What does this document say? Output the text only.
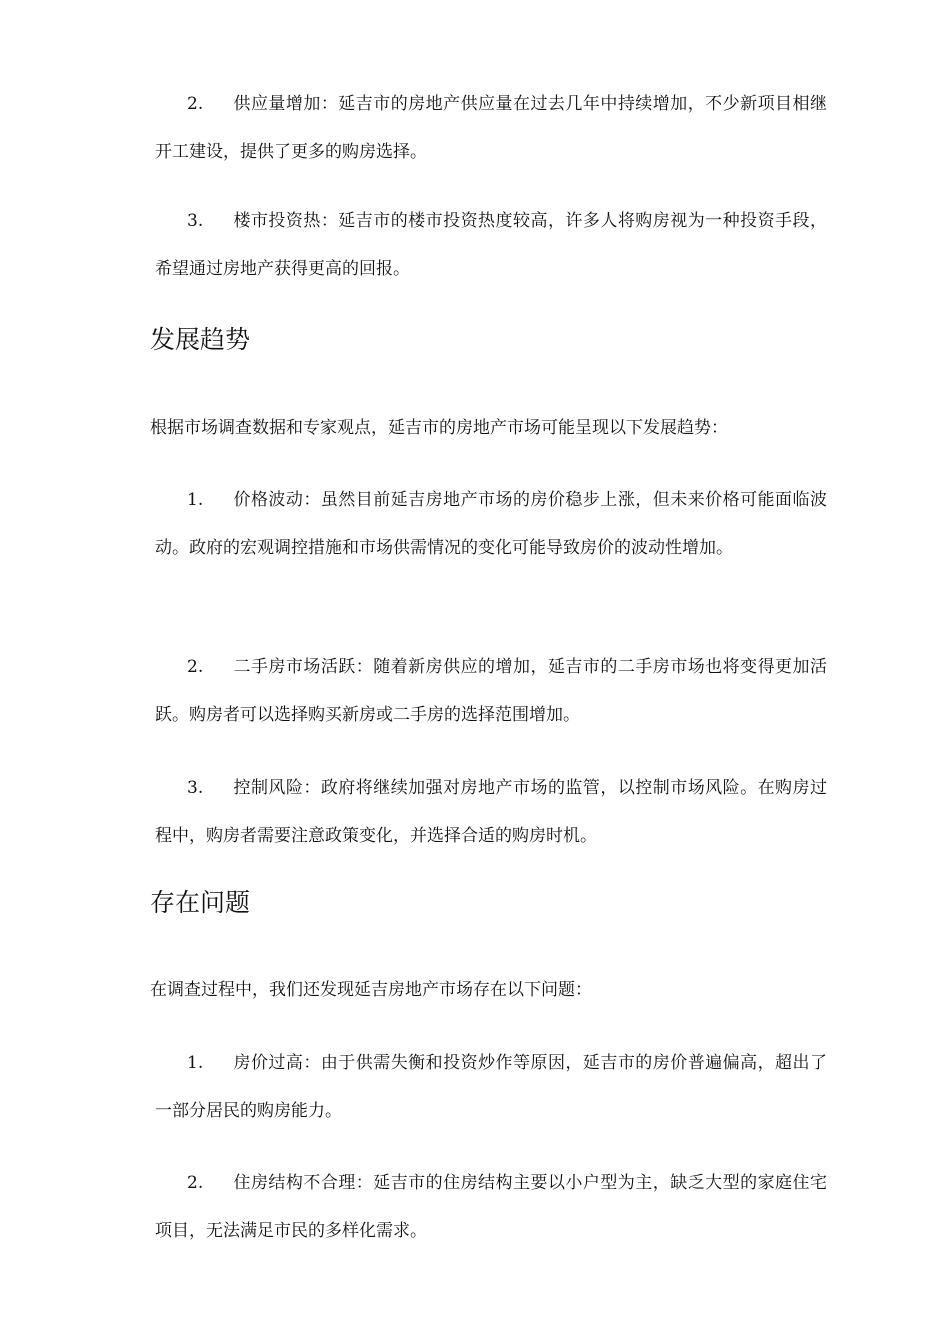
2. 供应量增加：延吉市的房地产供应量在过去几年中持续增加，不少新项目相继开工建设，提供了更多的购房选择。
3. 楼市投资热：延吉市的楼市投资热度较高，许多人将购房视为一种投资手段，希望通过房地产获得更高的回报。
发展趋势
根据市场调查数据和专家观点，延吉市的房地产市场可能呈现以下发展趋势：
1. 价格波动：虽然目前延吉房地产市场的房价稳步上涨，但未来价格可能面临波动。政府的宏观调控措施和市场供需情况的变化可能导致房价的波动性增加。
2. 二手房市场活跃：随着新房供应的增加，延吉市的二手房市场也将变得更加活跃。购房者可以选择购买新房或二手房的选择范围增加。
3. 控制风险：政府将继续加强对房地产市场的监管，以控制市场风险。在购房过程中，购房者需要注意政策变化，并选择合适的购房时机。
存在问题
在调查过程中，我们还发现延吉房地产市场存在以下问题：
1. 房价过高：由于供需失衡和投资炒作等原因，延吉市的房价普遍偏高，超出了一部分居民的购房能力。
2. 住房结构不合理：延吉市的住房结构主要以小户型为主，缺乏大型的家庭住宅项目，无法满足市民的多样化需求。
